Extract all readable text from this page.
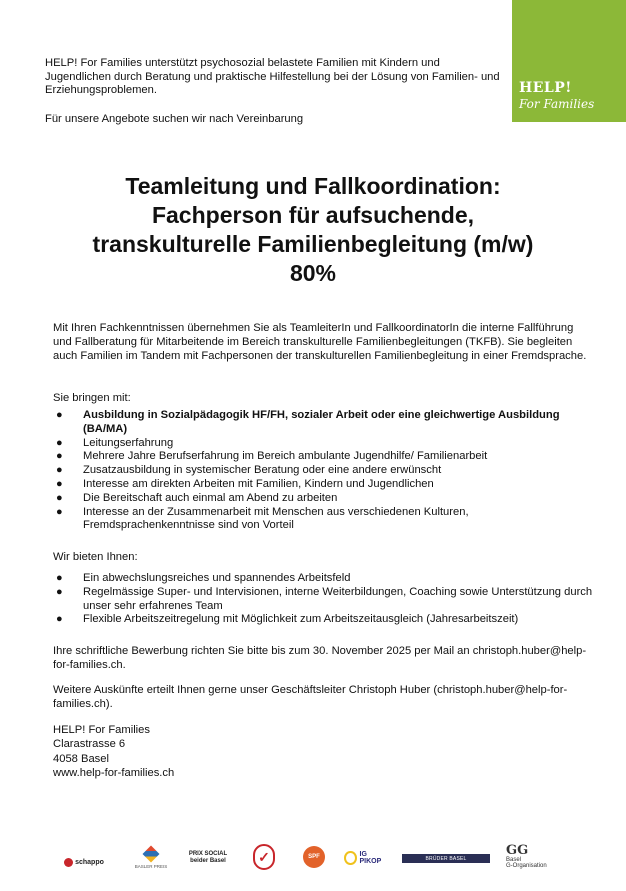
HELP!
For Families
HELP! For Families unterstützt psychosozial belastete Familien mit Kindern und Jugendlichen durch Beratung und praktische Hilfestellung bei der Lösung von Familien- und Erziehungsproblemen.
Für unsere Angebote suchen wir nach Vereinbarung
Teamleitung und Fallkoordination:
Fachperson für aufsuchende,
transkulturelle Familienbegleitung (m/w)
80%
Mit Ihren Fachkenntnissen übernehmen Sie als TeamleiterIn und FallkoordinatorIn die interne Fallführung und Fallberatung für Mitarbeitende im Bereich transkulturelle Familienbegleitungen (TKFB). Sie begleiten auch Familien im Tandem mit Fachpersonen der transkulturellen Familienbegleitung in einer Fremdsprache.
Sie bringen mit:
● Ausbildung in Sozialpädagogik HF/FH, sozialer Arbeit oder eine gleichwertige Ausbildung (BA/MA)
● Leitungserfahrung
● Mehrere Jahre Berufserfahrung im Bereich ambulante Jugendhilfe/ Familienarbeit
● Zusatzausbildung in systemischer Beratung oder eine andere erwünscht
● Interesse am direkten Arbeiten mit Familien, Kindern und Jugendlichen
● Die Bereitschaft auch einmal am Abend zu arbeiten
● Interesse an der Zusammenarbeit mit Menschen aus verschiedenen Kulturen, Fremdsprachenkenntnisse sind von Vorteil
Wir bieten Ihnen:
● Ein abwechslungsreiches und spannendes Arbeitsfeld
● Regelmässige Super- und Intervisionen, interne Weiterbildungen, Coaching sowie Unterstützung durch unser sehr erfahrenes Team
● Flexible Arbeitszeitregelung mit Möglichkeit zum Arbeitszeitausgleich (Jahresarbeitszeit)
Ihre schriftliche Bewerbung richten Sie bitte bis zum 30. November 2025 per Mail an christoph.huber@help-for-families.ch.
Weitere Auskünfte erteilt Ihnen gerne unser Geschäftsleiter Christoph Huber (christoph.huber@help-for-families.ch).
HELP! For Families
Clarastrasse 6
4058 Basel
www.help-for-families.ch
schappo
BASLER PREIS
PRIX SOCIAL
beider Basel	✓	SPF	IG PIKOP	BRÜDER BASEL
GG
Basel
G-Organisation
